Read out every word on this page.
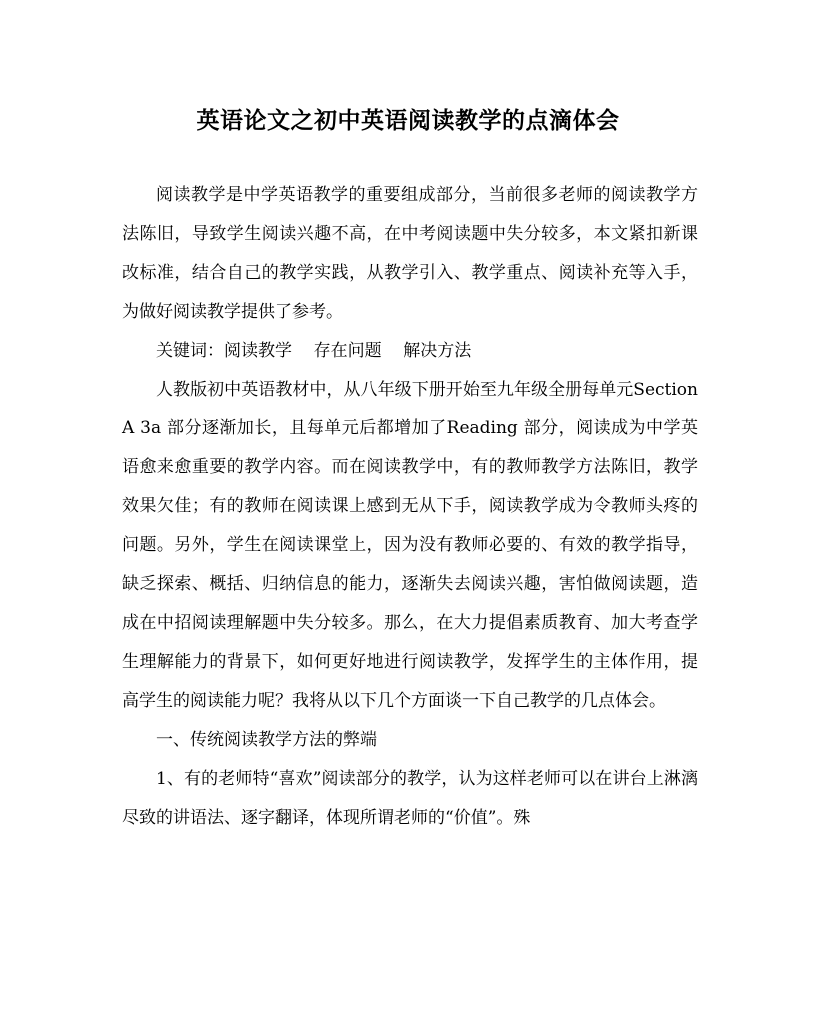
英语论文之初中英语阅读教学的点滴体会

阅读教学是中学英语教学的重要组成部分，当前很多老师的阅读教学方法陈旧，导致学生阅读兴趣不高，在中考阅读题中失分较多，本文紧扣新课改标准，结合自己的教学实践，从教学引入、教学重点、阅读补充等入手，为做好阅读教学提供了参考。

关键词：阅读教学    存在问题    解决方法

人教版初中英语教材中，从八年级下册开始至九年级全册每单元Section A 3a 部分逐渐加长，且每单元后都增加了Reading 部分，阅读成为中学英语愈来愈重要的教学内容。而在阅读教学中，有的教师教学方法陈旧，教学效果欠佳；有的教师在阅读课上感到无从下手，阅读教学成为令教师头疼的问题。另外，学生在阅读课堂上，因为没有教师必要的、有效的教学指导，缺乏探索、概括、归纳信息的能力，逐渐失去阅读兴趣，害怕做阅读题，造成在中招阅读理解题中失分较多。那么，在大力提倡素质教育、加大考查学生理解能力的背景下，如何更好地进行阅读教学，发挥学生的主体作用，提高学生的阅读能力呢？我将从以下几个方面谈一下自己教学的几点体会。

一、传统阅读教学方法的弊端

1、有的老师特“喜欢”阅读部分的教学，认为这样老师可以在讲台上淋漓尽致的讲语法、逐字翻译，体现所谓老师的“价值”。殊
